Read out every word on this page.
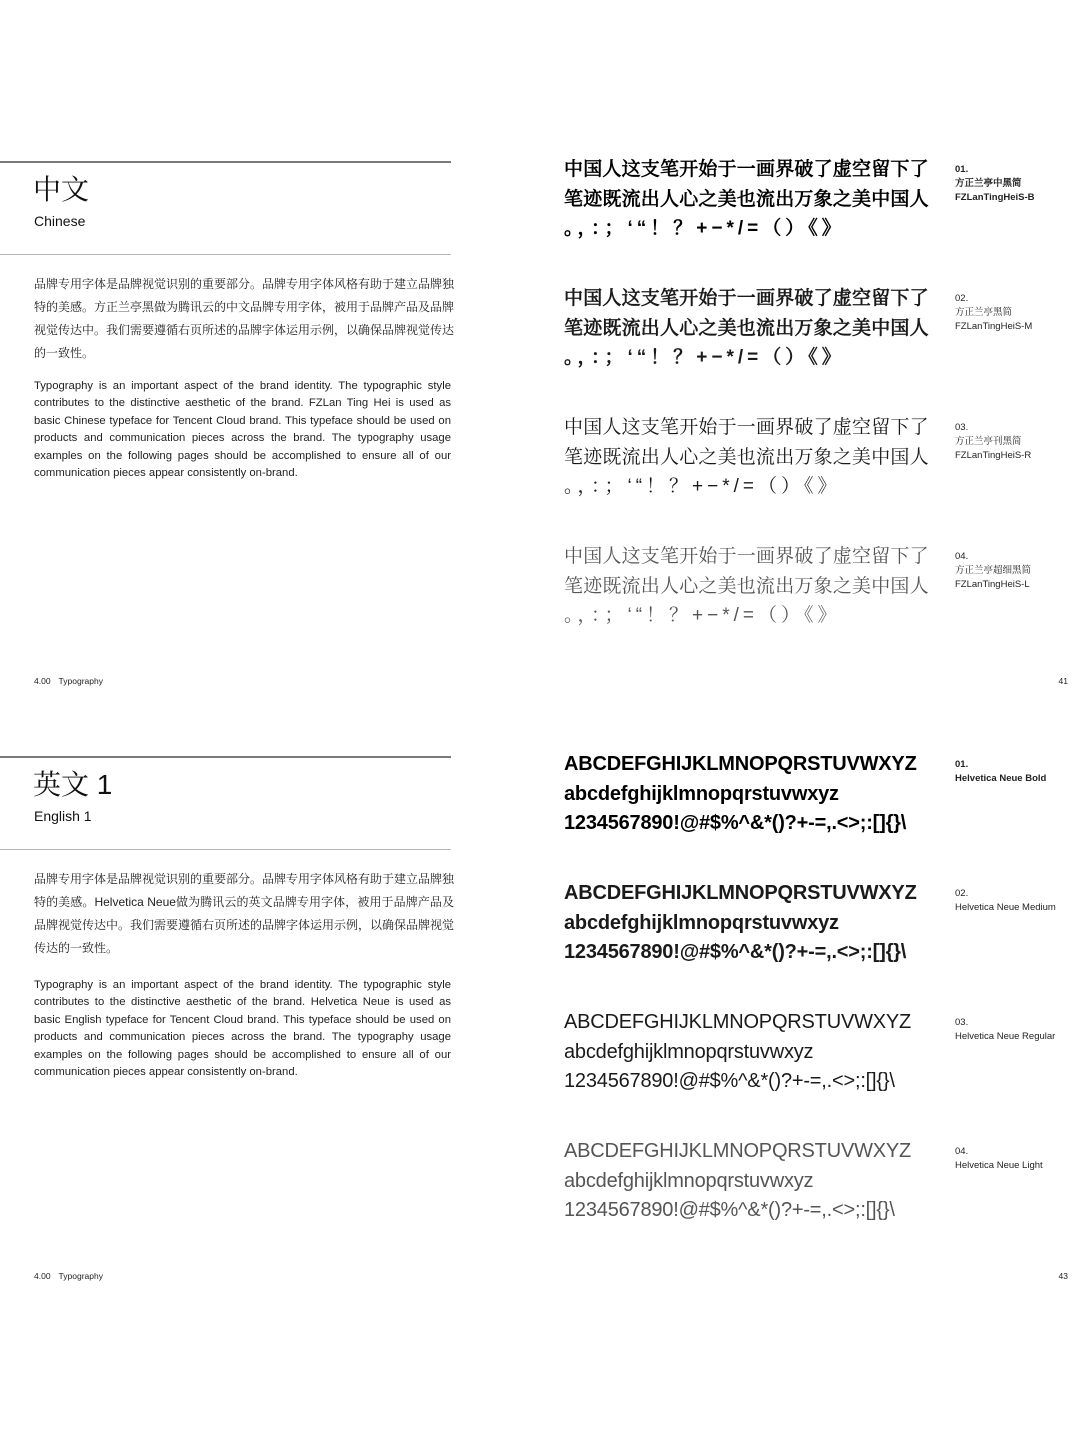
中文
Chinese
品牌专用字体是品牌视觉识别的重要部分。品牌专用字体风格有助于建立品牌独特的美感。方正兰亭黑做为腾讯云的中文品牌专用字体，被用于品牌产品及品牌视觉传达中。我们需要遵循右页所述的品牌字体运用示例，以确保品牌视觉传达的一致性。
Typography is an important aspect of the brand identity. The typographic style contributes to the distinctive aesthetic of the brand. FZLan Ting Hei is used as basic Chinese typeface for Tencent Cloud brand. This typeface should be used on products and communication pieces across the brand. The typography usage examples on the following pages should be accomplished to ensure all of our communication pieces appear consistently on-brand.
中国人这支笔开始于一画界破了虚空留下了
笔迹既流出人心之美也流出万象之美中国人
。，：；‘“！？+−*/=（）《》
01.
方正兰亭中黑简
FZLanTingHeiS-B
中国人这支笔开始于一画界破了虚空留下了
笔迹既流出人心之美也流出万象之美中国人
。，：；‘“！？+−*/=（）《》
02.
方正兰亭黑简
FZLanTingHeiS-M
中国人这支笔开始于一画界破了虚空留下了
笔迹既流出人心之美也流出万象之美中国人
。，：；‘“！？+−*/=（）《》
03.
方正兰亭刊黑简
FZLanTingHeiS-R
中国人这支笔开始于一画界破了虚空留下了
笔迹既流出人心之美也流出万象之美中国人
。，：；‘“！？+−*/=（）《》
04.
方正兰亭超细黑简
FZLanTingHeiS-L
4.00 Typography	41
英文 1
English 1
品牌专用字体是品牌视觉识别的重要部分。品牌专用字体风格有助于建立品牌独特的美感。Helvetica Neue做为腾讯云的英文品牌专用字体，被用于品牌产品及品牌视觉传达中。我们需要遵循右页所述的品牌字体运用示例，以确保品牌视觉传达的一致性。
Typography is an important aspect of the brand identity. The typographic style contributes to the distinctive aesthetic of the brand. Helvetica Neue is used as basic English typeface for Tencent Cloud brand. This typeface should be used on products and communication pieces across the brand. The typography usage examples on the following pages should be accomplished to ensure all of our communication pieces appear consistently on-brand.
ABCDEFGHIJKLMNOPQRSTUVWXYZ
abcdefghijklmnopqrstuvwxyz
1234567890!@#$%^&*()?+-=,.<>;:[]{}\
01.
Helvetica Neue Bold
ABCDEFGHIJKLMNOPQRSTUVWXYZ
abcdefghijklmnopqrstuvwxyz
1234567890!@#$%^&*()?+-=,.<>;:[]{}\
02.
Helvetica Neue Medium
ABCDEFGHIJKLMNOPQRSTUVWXYZ
abcdefghijklmnopqrstuvwxyz
1234567890!@#$%^&*()?+-=,.<>;:[]{}\
03.
Helvetica Neue Regular
ABCDEFGHIJKLMNOPQRSTUVWXYZ
abcdefghijklmnopqrstuvwxyz
1234567890!@#$%^&*()?+-=,.<>;:[]{}\
04.
Helvetica Neue Light
4.00 Typography	43
